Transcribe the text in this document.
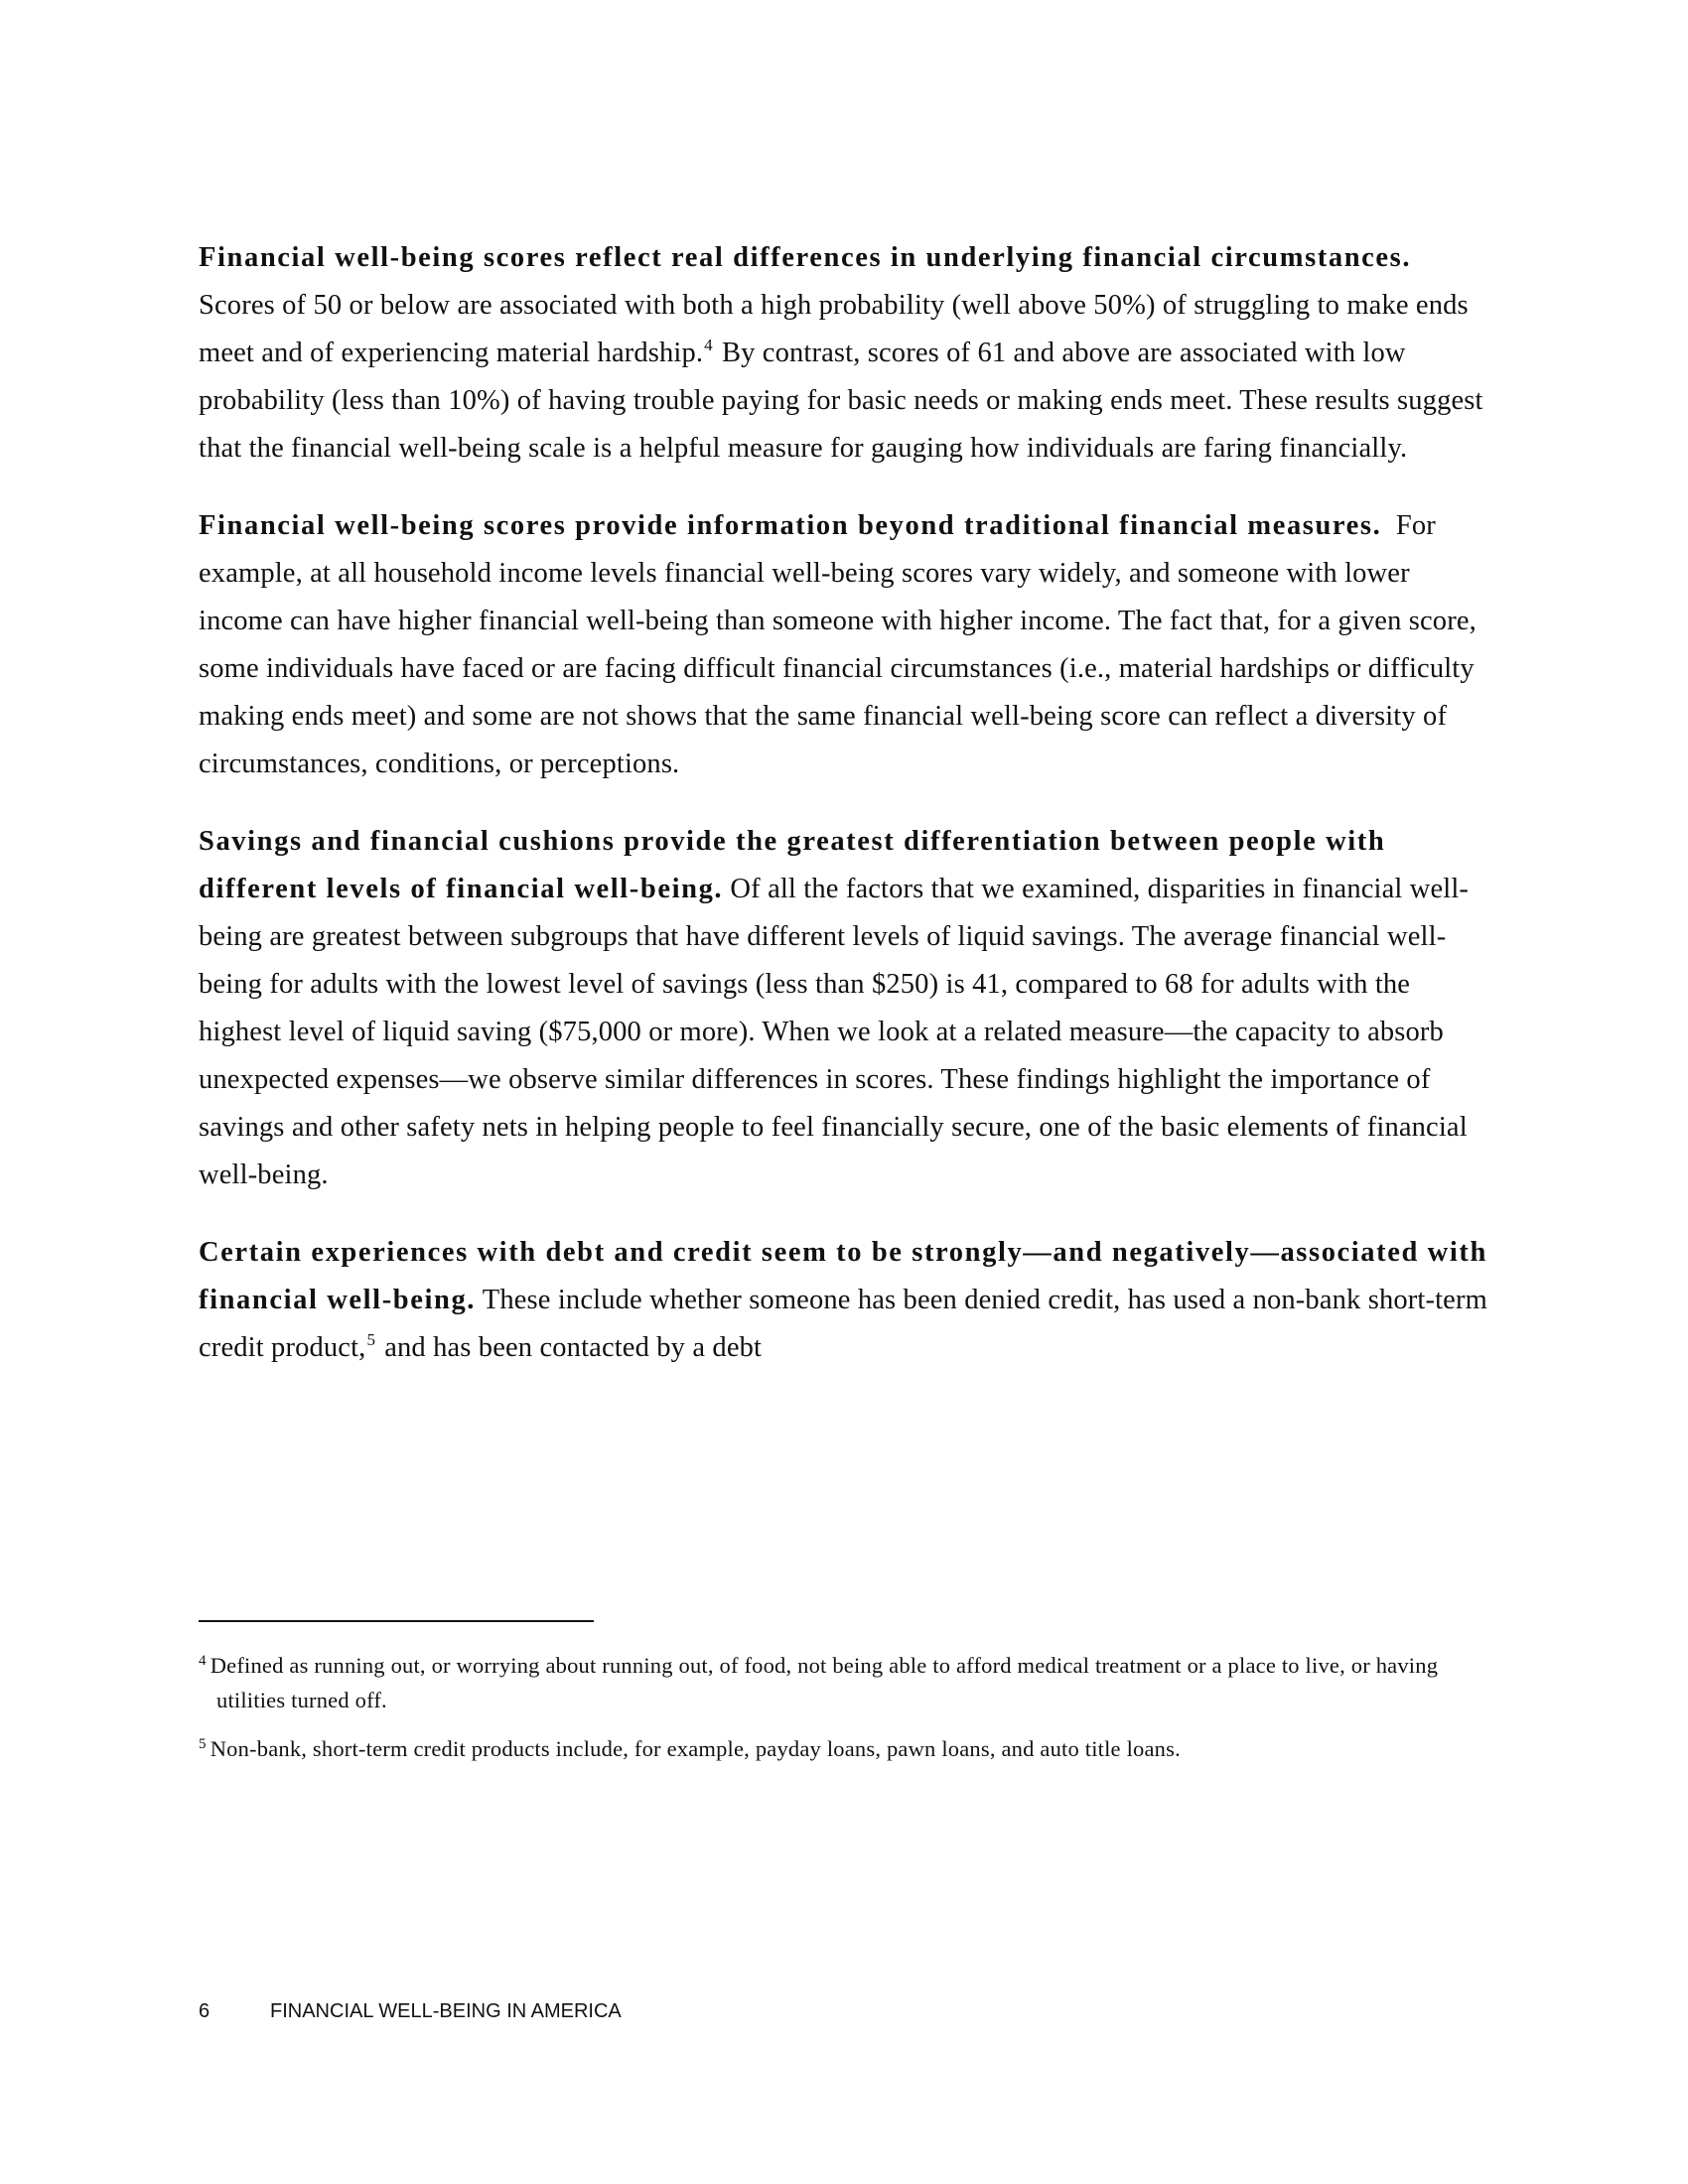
Financial well-being scores reflect real differences in underlying financial circumstances. Scores of 50 or below are associated with both a high probability (well above 50%) of struggling to make ends meet and of experiencing material hardship.$^4$ By contrast, scores of 61 and above are associated with low probability (less than 10%) of having trouble paying for basic needs or making ends meet. These results suggest that the financial well-being scale is a helpful measure for gauging how individuals are faring financially.

Financial well-being scores provide information beyond traditional financial measures.  For example, at all household income levels financial well-being scores vary widely, and someone with lower income can have higher financial well-being than someone with higher income. The fact that, for a given score, some individuals have faced or are facing difficult financial circumstances (i.e., material hardships or difficulty making ends meet) and some are not shows that the same financial well-being score can reflect a diversity of circumstances, conditions, or perceptions.

Savings and financial cushions provide the greatest differentiation between people with different levels of financial well-being. Of all the factors that we examined, disparities in financial well-being are greatest between subgroups that have different levels of liquid savings. The average financial well-being for adults with the lowest level of savings (less than $250) is 41, compared to 68 for adults with the highest level of liquid saving ($75,000 or more). When we look at a related measure—the capacity to absorb unexpected expenses—we observe similar differences in scores. These findings highlight the importance of savings and other safety nets in helping people to feel financially secure, one of the basic elements of financial well-being.

Certain experiences with debt and credit seem to be strongly—and negatively—associated with financial well-being. These include whether someone has been denied credit, has used a non-bank short-term credit product,$^5$ and has been contacted by a debt

$^4$ Defined as running out, or worrying about running out, of food, not being able to afford medical treatment or a place to live, or having utilities turned off.

$^5$ Non-bank, short-term credit products include, for example, payday loans, pawn loans, and auto title loans.

6	FINANCIAL WELL-BEING IN AMERICA
